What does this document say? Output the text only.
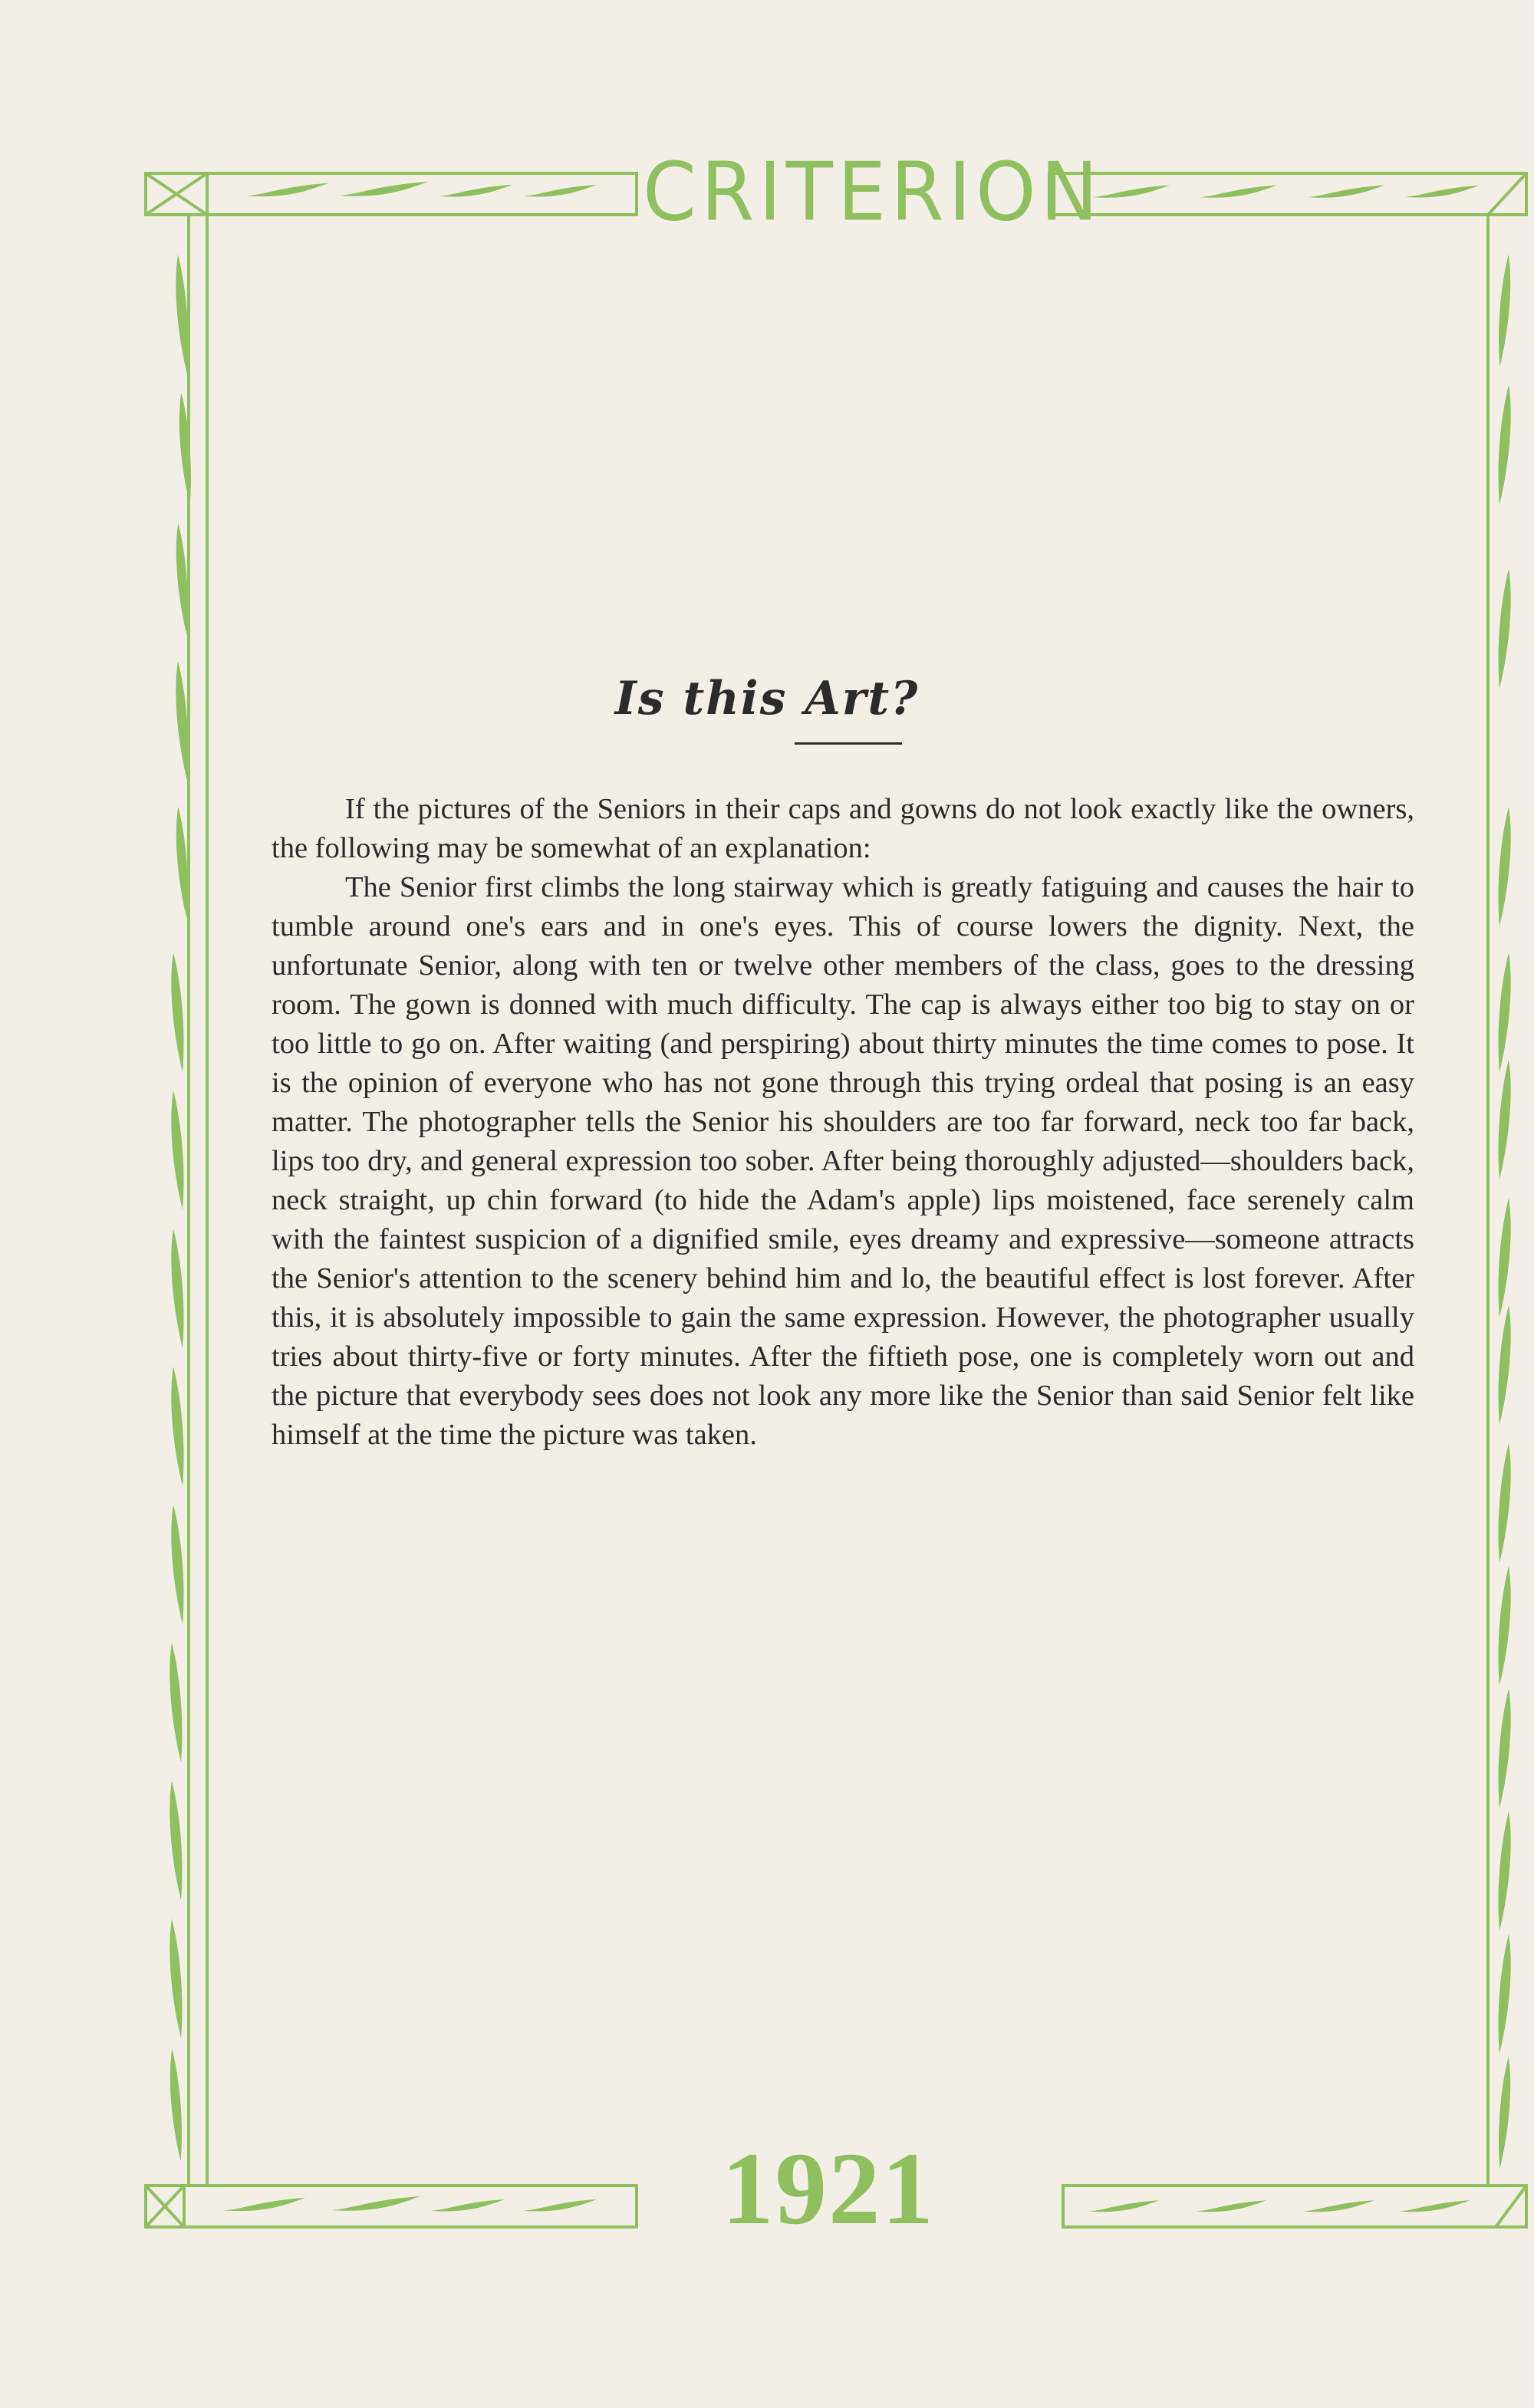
CRITERION
Is this Art?

If the pictures of the Seniors in their caps and gowns do not look exactly like the owners, the following may be somewhat of an explanation:

The Senior first climbs the long stairway which is greatly fatiguing and causes the hair to tumble around one's ears and in one's eyes. This of course lowers the dignity. Next, the unfortunate Senior, along with ten or twelve other members of the class, goes to the dressing room. The gown is donned with much difficulty. The cap is always either too big to stay on or too little to go on. After waiting (and perspiring) about thirty minutes the time comes to pose. It is the opinion of everyone who has not gone through this trying ordeal that posing is an easy matter. The photographer tells the Senior his shoulders are too far forward, neck too far back, lips too dry, and general expression too sober. After being thoroughly adjusted—shoulders back, neck straight, up chin forward (to hide the Adam's apple) lips moistened, face serenely calm with the faintest suspicion of a dignified smile, eyes dreamy and expressive—someone attracts the Senior's attention to the scenery behind him and lo, the beautiful effect is lost forever. After this, it is absolutely impossible to gain the same expression. However, the photographer usually tries about thirty-five or forty minutes. After the fiftieth pose, one is completely worn out and the picture that everybody sees does not look any more like the Senior than said Senior felt like himself at the time the picture was taken.

1921
